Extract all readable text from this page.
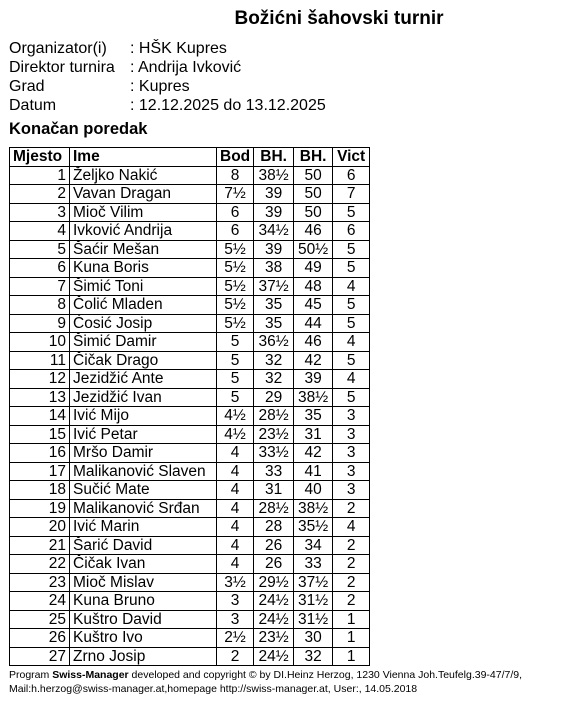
Božićni šahovski turnir
Organizator(i)	: HŠK Kupres
Direktor turnira : Andrija Ivković
Grad	: Kupres
Datum	: 12.12.2025 do 13.12.2025
Konačan poredak
Mjesto	Ime	Bod	BH.	BH.	Vict
1	Željko Nakić	8	38½	50	6
2	Vavan Dragan	7½	39	50	7
3	Mioč Vilim	6	39	50	5
4	Ivković Andrija	6	34½	46	6
5	Šaćir Mešan	5½	39	50½	5
6	Kuna Boris	5½	38	49	5
7	Šimić Toni	5½	37½	48	4
8	Čolić Mladen	5½	35	45	5
9	Ćosić Josip	5½	35	44	5
10	Šimić Damir	5	36½	46	4
11	Čičak Drago	5	32	42	5
12	Jezidžić Ante	5	32	39	4
13	Jezidžić Ivan	5	29	38½	5
14	Ivić Mijo	4½	28½	35	3
15	Ivić Petar	4½	23½	31	3
16	Mršo Damir	4	33½	42	3
17	Malikanović Slaven	4	33	41	3
18	Sučić Mate	4	31	40	3
19	Malikanović Srđan	4	28½	38½	2
20	Ivić Marin	4	28	35½	4
21	Šarić David	4	26	34	2
22	Čičak Ivan	4	26	33	2
23	Mioč Mislav	3½	29½	37½	2
24	Kuna Bruno	3	24½	31½	2
25	Kuštro David	3	24½	31½	1
26	Kuštro Ivo	2½	23½	30	1
27	Zrno Josip	2	24½	32	1
Program Swiss-Manager developed and copyright © by DI.Heinz Herzog, 1230 Vienna Joh.Teufelg.39-47/7/9,
Mail:h.herzog@swiss-manager.at,homepage http://swiss-manager.at, User:, 14.05.2018
